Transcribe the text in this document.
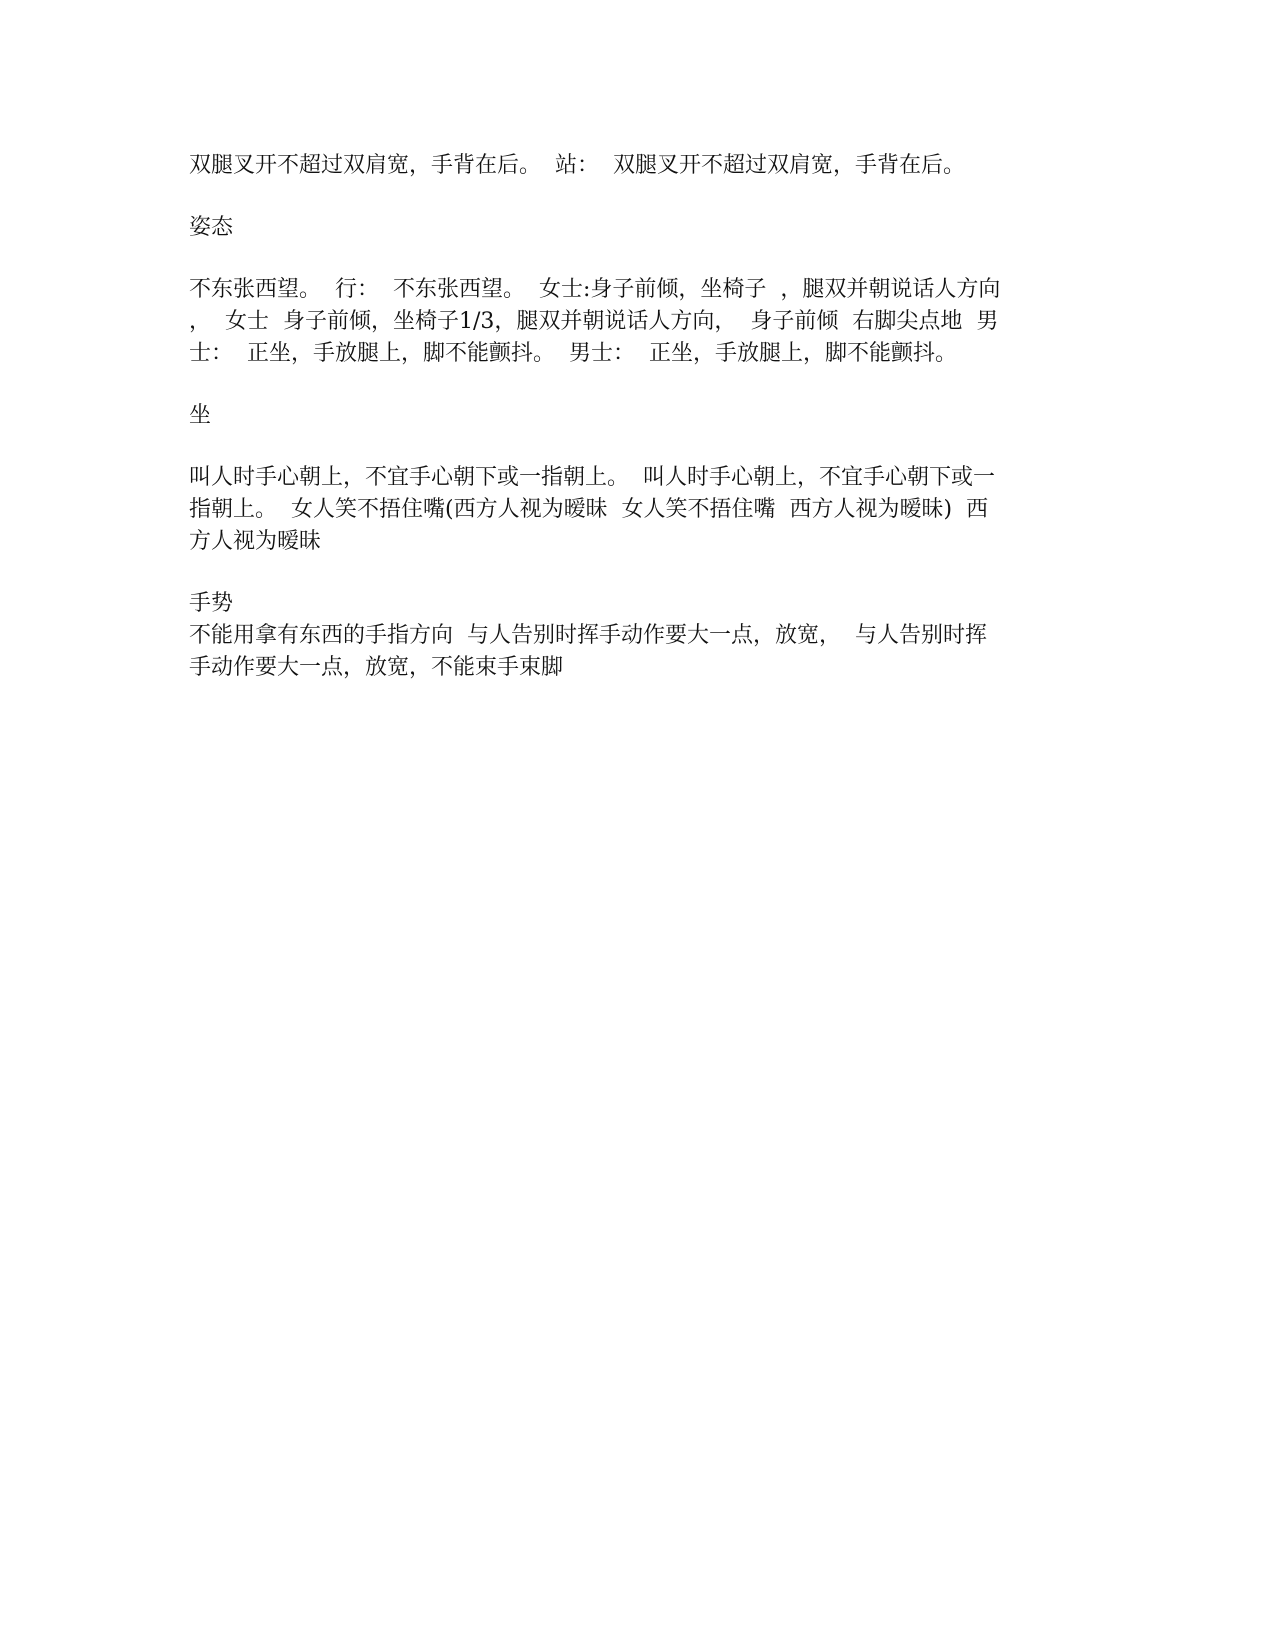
双腿叉开不超过双肩宽，手背在后。  站：  双腿叉开不超过双肩宽，手背在后。

姿态

不东张西望。  行：  不东张西望。  女士:身子前倾，坐椅子  ，腿双并朝说话人方向

，  女士  身子前倾，坐椅子1/3，腿双并朝说话人方向，  身子前倾  右脚尖点地  男

士：  正坐，手放腿上，脚不能颤抖。  男士：  正坐，手放腿上，脚不能颤抖。

坐

叫人时手心朝上，不宜手心朝下或一指朝上。  叫人时手心朝上，不宜手心朝下或一

指朝上。  女人笑不捂住嘴(西方人视为暧昧  女人笑不捂住嘴  西方人视为暧昧)  西

方人视为暧昧

手势

不能用拿有东西的手指方向  与人告别时挥手动作要大一点，放宽，  与人告别时挥

手动作要大一点，放宽，不能束手束脚
